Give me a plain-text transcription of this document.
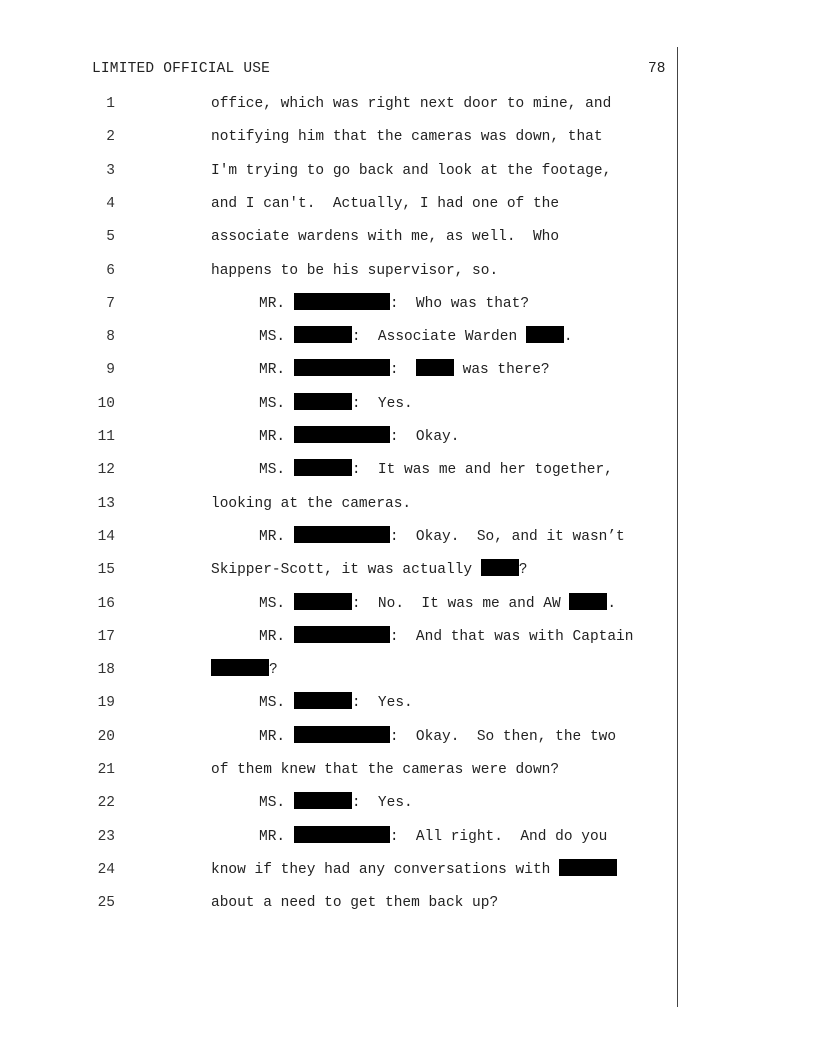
LIMITED OFFICIAL USE	78
1	office, which was right next door to mine, and
2	notifying him that the cameras was down, that
3	I'm trying to go back and look at the footage,
4	and I can't.  Actually, I had one of the
5	associate wardens with me, as well.  Who
6	happens to be his supervisor, so.
7	MR.	:  Who was that?
8	MS.	:  Associate Warden	.
9	MR.	:	was there?
10	MS.	:  Yes.
11	MR.	:  Okay.
12	MS.	:  It was me and her together,
13	looking at the cameras.
14	MR.	:  Okay.  So, and it wasn’t
15	Skipper-Scott, it was actually	?
16	MS.	:  No.  It was me and AW	.
17	MR.	:  And that was with Captain
18	?
19	MS.	:  Yes.
20	MR.	:  Okay.  So then, the two
21	of them knew that the cameras were down?
22	MS.	:  Yes.
23	MR.	:  All right.  And do you
24	know if they had any conversations with
25	about a need to get them back up?
